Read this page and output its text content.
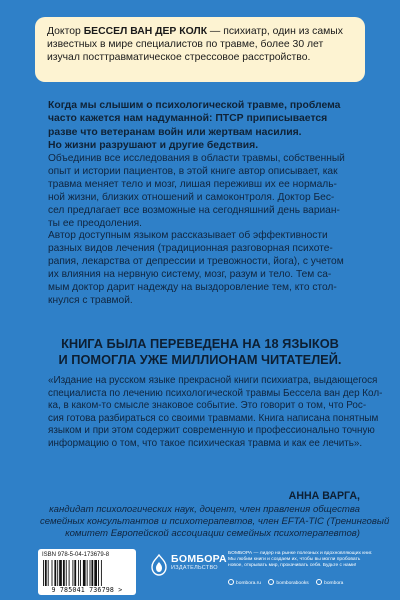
Доктор БЕССЕЛ ВАН ДЕР КОЛК — психиатр, один из самых
известных в мире специалистов по травме, более 30 лет
изучал посттравматическое стрессовое расстройство.
Когда мы слышим о психологической травме, проблема
часто кажется нам надуманной: ПТСР приписывается
разве что ветеранам войн или жертвам насилия.
Но жизни разрушают и другие бедствия.
Объединив все исследования в области травмы, собственный
опыт и истории пациентов, в этой книге автор описывает, как
травма меняет тело и мозг, лишая переживш их ее нормаль-
ной жизни, близких отношений и самоконтроля. Доктор Бес-
сел предлагает все возможные на сегодняшний день вариан-
ты ее преодоления.
Автор доступным языком рассказывает об эффективности
разных видов лечения (традиционная разговорная психоте-
рапия, лекарства от депрессии и тревожности, йога), с учетом
их влияния на нервную систему, мозг, разум и тело. Тем са-
мым доктор дарит надежду на выздоровление тем, кто стол-
кнулся с травмой.
КНИГА БЫЛА ПЕРЕВЕДЕНА НА 18 ЯЗЫКОВ
И ПОМОГЛА УЖЕ МИЛЛИОНАМ ЧИТАТЕЛЕЙ.
«Издание на русском языке прекрасной книги психиатра, выдающегося
специалиста по лечению психологической травмы Бессела ван дер Кол-
ка, в каком-то смысле знаковое событие. Это говорит о том, что Рос-
сия готова разбираться со своими травмами. Книга написана понятным
языком и при этом содержит современную и профессионально точную
информацию о том, что такое психическая травма и как ее лечить».
АННА ВАРГА,
кандидат психологических наук, доцент, член правления общества
семейных консультантов и психотерапевтов, член EFTA-TIC (Тренинговый
комитет Европейской ассоциации семейных психотерапевтов)
ISBN 978-5-04-173679-8
9 785041 736798 >
БОМБОРА
ИЗДАТЕЛЬСТВО
БОМБОРА — лидер на рынке полезных и вдохновляющих книг.
Мы любим книги и создаем их, чтобы вы могли пробовать
новое, открывать мир, прокачивать себя. Будьте с нами!
bombora.ru	bomborabooks	bombora
